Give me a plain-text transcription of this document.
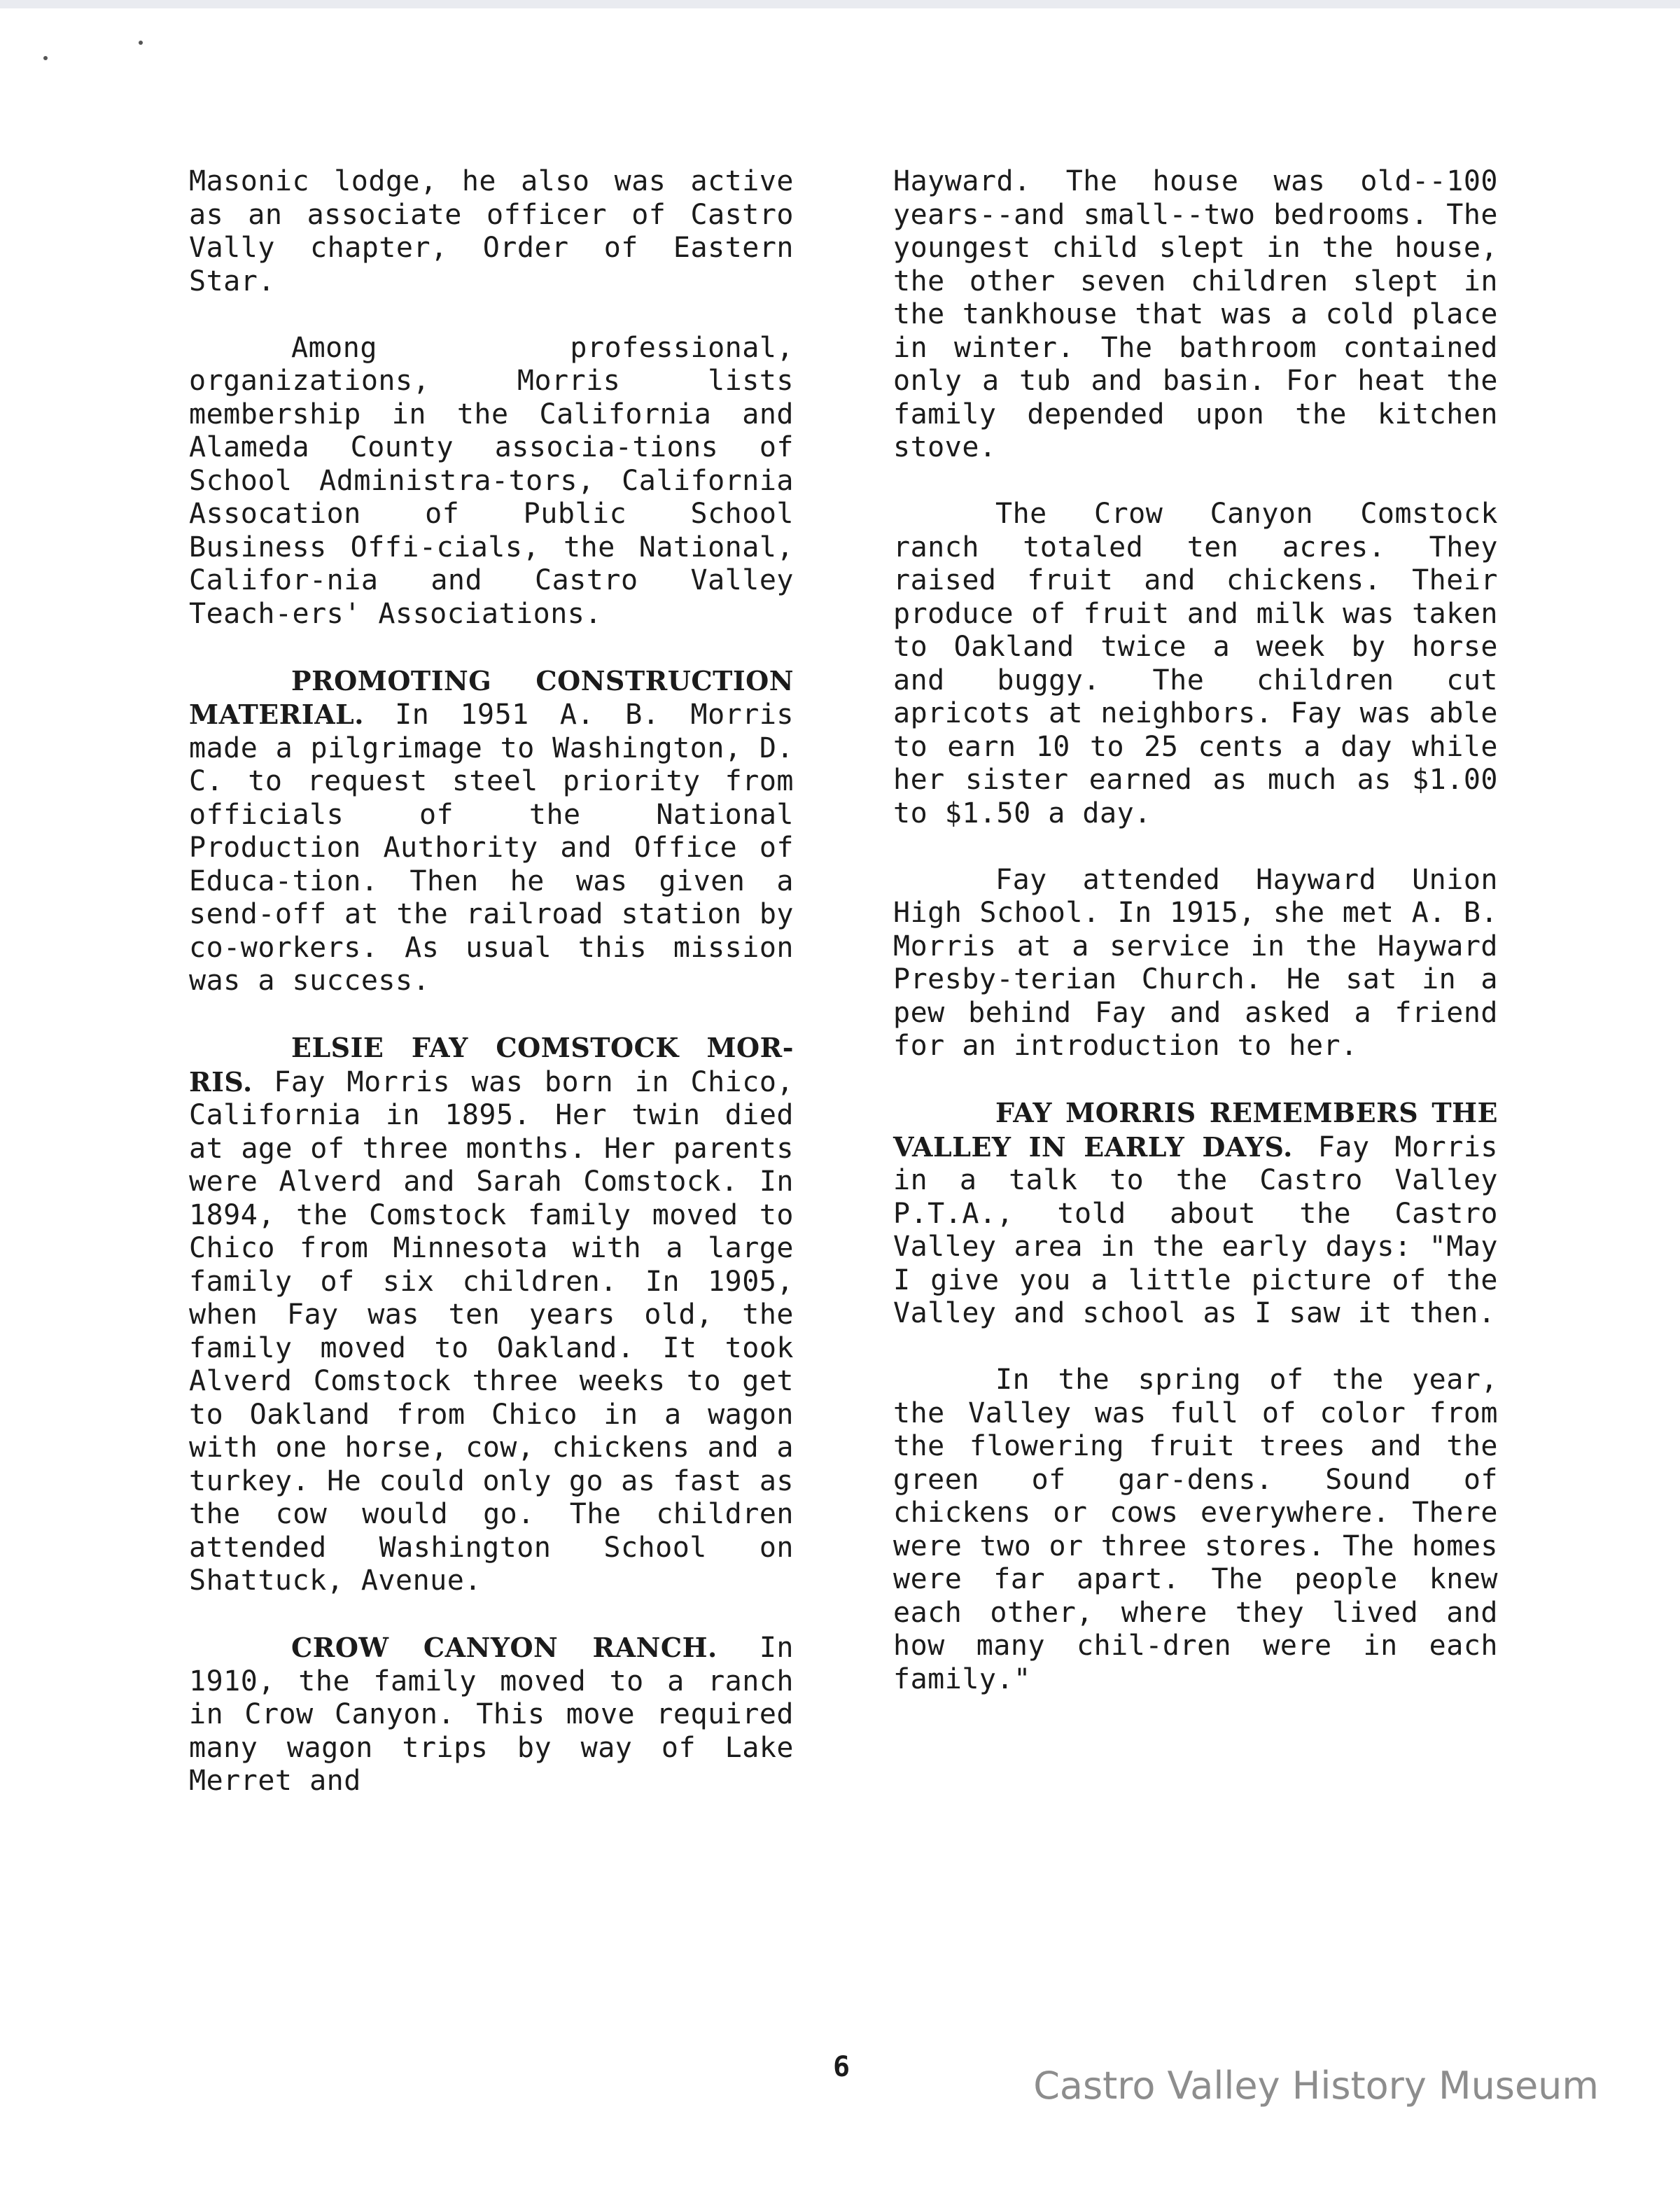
Masonic lodge, he also was active as an associate officer of Castro Vally chapter, Order of Eastern Star.

Among professional, organizations, Morris lists membership in the California and Alameda County associa-tions of School Administra-tors, California Assocation of Public School Business Offi-cials, the National, Califor-nia and Castro Valley Teach-ers' Associations.

PROMOTING CONSTRUCTION MATERIAL. In 1951 A. B. Morris made a pilgrimage to Washington, D. C. to request steel priority from officials of the National Production Authority and Office of Educa-tion. Then he was given a send-off at the railroad station by co-workers. As usual this mission was a success.

ELSIE FAY COMSTOCK MOR-RIS. Fay Morris was born in Chico, California in 1895. Her twin died at age of three months. Her parents were Alverd and Sarah Comstock. In 1894, the Comstock family moved to Chico from Minnesota with a large family of six children. In 1905, when Fay was ten years old, the family moved to Oakland. It took Alverd Comstock three weeks to get to Oakland from Chico in a wagon with one horse, cow, chickens and a turkey. He could only go as fast as the cow would go. The children attended Washington School on Shattuck, Avenue.

CROW CANYON RANCH. In 1910, the family moved to a ranch in Crow Canyon. This move required many wagon trips by way of Lake Merret and

Hayward. The house was old--100 years--and small--two bedrooms. The youngest child slept in the house, the other seven children slept in the tankhouse that was a cold place in winter. The bathroom contained only a tub and basin. For heat the family depended upon the kitchen stove.

The Crow Canyon Comstock ranch totaled ten acres. They raised fruit and chickens. Their produce of fruit and milk was taken to Oakland twice a week by horse and buggy. The children cut apricots at neighbors. Fay was able to earn 10 to 25 cents a day while her sister earned as much as $1.00 to $1.50 a day.

Fay attended Hayward Union High School. In 1915, she met A. B. Morris at a service in the Hayward Presby-terian Church. He sat in a pew behind Fay and asked a friend for an introduction to her.

FAY MORRIS REMEMBERS THE VALLEY IN EARLY DAYS. Fay Morris in a talk to the Castro Valley P.T.A., told about the Castro Valley area in the early days: "May I give you a little picture of the Valley and school as I saw it then.

In the spring of the year, the Valley was full of color from the flowering fruit trees and the green of gar-dens. Sound of chickens or cows everywhere. There were two or three stores. The homes were far apart. The people knew each other, where they lived and how many chil-dren were in each family."

6	Castro Valley History Museum
